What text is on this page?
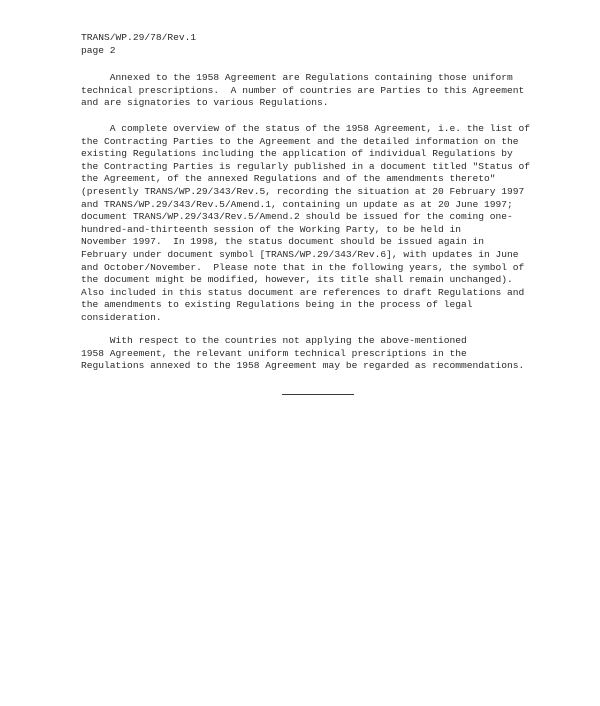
TRANS/WP.29/78/Rev.1
page 2
Annexed to the 1958 Agreement are Regulations containing those uniform
technical prescriptions.  A number of countries are Parties to this Agreement
and are signatories to various Regulations.
A complete overview of the status of the 1958 Agreement, i.e. the list of
the Contracting Parties to the Agreement and the detailed information on the
existing Regulations including the application of individual Regulations by
the Contracting Parties is regularly published in a document titled "Status of
the Agreement, of the annexed Regulations and of the amendments thereto"
(presently TRANS/WP.29/343/Rev.5, recording the situation at 20 February 1997
and TRANS/WP.29/343/Rev.5/Amend.1, containing un update as at 20 June 1997;
document TRANS/WP.29/343/Rev.5/Amend.2 should be issued for the coming one-
hundred-and-thirteenth session of the Working Party, to be held in
November 1997.  In 1998, the status document should be issued again in
February under document symbol [TRANS/WP.29/343/Rev.6], with updates in June
and October/November.  Please note that in the following years, the symbol of
the document might be modified, however, its title shall remain unchanged).
Also included in this status document are references to draft Regulations and
the amendments to existing Regulations being in the process of legal
consideration.
With respect to the countries not applying the above-mentioned
1958 Agreement, the relevant uniform technical prescriptions in the
Regulations annexed to the 1958 Agreement may be regarded as recommendations.
